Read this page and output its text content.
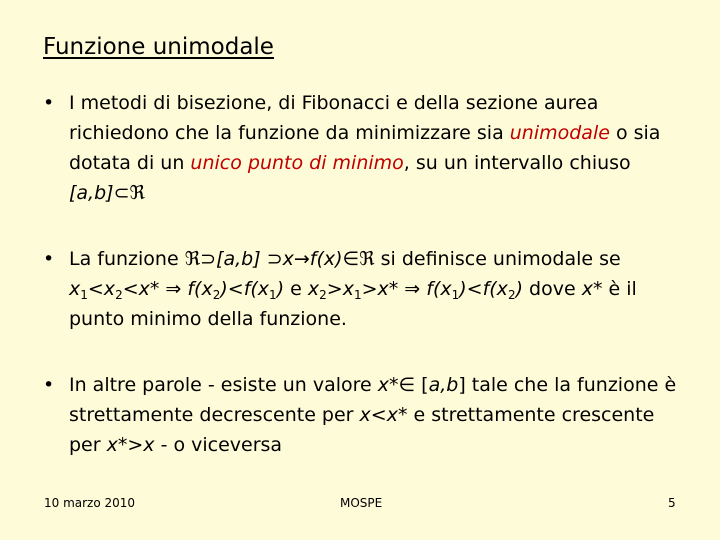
Funzione unimodale
• I metodi di bisezione, di Fibonacci e della sezione aurea richiedono che la funzione da minimizzare sia unimodale o sia dotata di un unico punto di minimo, su un intervallo chiuso [a,b]⊂ℜ
• La funzione ℜ⊃[a,b] ⊃x→f(x)∈ℜ si definisce unimodale se $x_1<x_2<x*$ ⇒ $f(x_2)<f(x_1)$ e $x_2>x_1>x*$ ⇒ $f(x_1)<f(x_2)$ dove x* è il punto minimo della funzione.
• In altre parole - esiste un valore x*∈ [a,b] tale che la funzione è strettamente decrescente per x<x* e strettamente crescente per x*>x - o viceversa
10 marzo 2010	MOSPE	5
